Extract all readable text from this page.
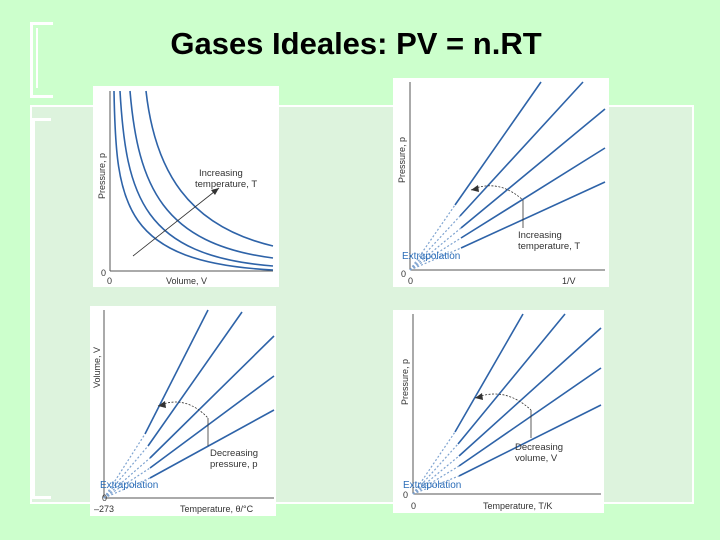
Gases Ideales: PV = n.RT
Increasing
temperature, T
Pressure, p
Volume, V
0
0
Increasing
temperature, T
Extrapolation
Pressure, p
1/V
0
0
Decreasing
pressure, p
Extrapolation
Volume, V
Temperature, θ/°C
–273
0
Decreasing
volume, V
Extrapolation
Pressure, p
Temperature, T/K
0
0
